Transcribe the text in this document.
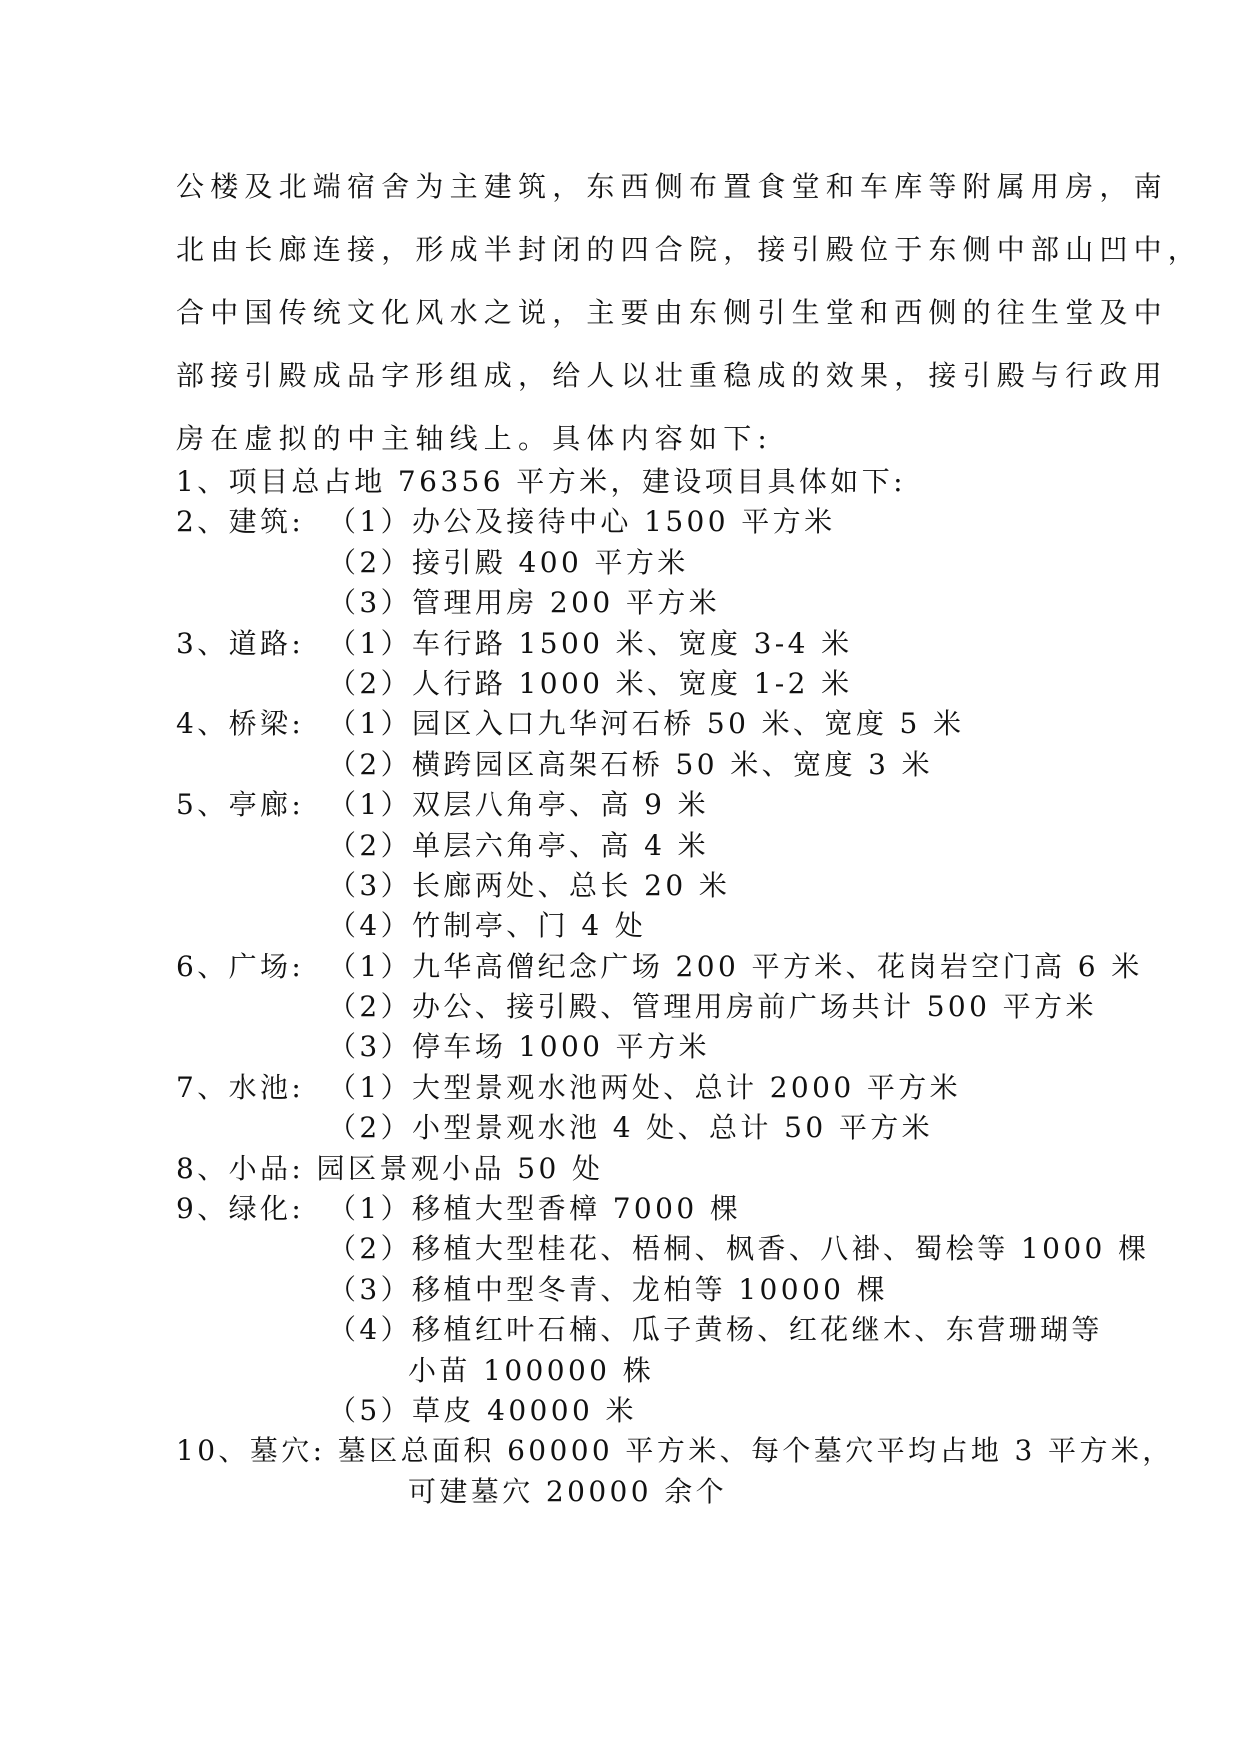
公楼及北端宿舍为主建筑，东西侧布置食堂和车库等附属用房，南
北由长廊连接，形成半封闭的四合院，接引殿位于东侧中部山凹中，
合中国传统文化风水之说，主要由东侧引生堂和西侧的往生堂及中
部接引殿成品字形组成，给人以壮重稳成的效果，接引殿与行政用
房在虚拟的中主轴线上。具体内容如下:
1、项目总占地 76356 平方米，建设项目具体如下:
2、建筑: （1）办公及接待中心 1500 平方米
（2）接引殿 400 平方米
（3）管理用房 200 平方米
3、道路: （1）车行路 1500 米、宽度 3-4 米
（2）人行路 1000 米、宽度 1-2 米
4、桥梁: （1）园区入口九华河石桥 50 米、宽度 5 米
（2）横跨园区高架石桥 50 米、宽度 3 米
5、亭廊: （1）双层八角亭、高 9 米
（2）单层六角亭、高 4 米
（3）长廊两处、总长 20 米
（4）竹制亭、门 4 处
6、广场: （1）九华高僧纪念广场 200 平方米、花岗岩空门高 6 米
（2）办公、接引殿、管理用房前广场共计 500 平方米
（3）停车场 1000 平方米
7、水池: （1）大型景观水池两处、总计 2000 平方米
（2）小型景观水池 4 处、总计 50 平方米
8、小品: 园区景观小品 50 处
9、绿化: （1）移植大型香樟 7000 棵
（2）移植大型桂花、梧桐、枫香、八褂、蜀桧等 1000 棵
（3）移植中型冬青、龙柏等 10000 棵
（4）移植红叶石楠、瓜子黄杨、红花继木、东营珊瑚等
小苗 100000 株
（5）草皮 40000 米
10、墓穴: 墓区总面积 60000 平方米、每个墓穴平均占地 3 平方米，
可建墓穴 20000 余个
